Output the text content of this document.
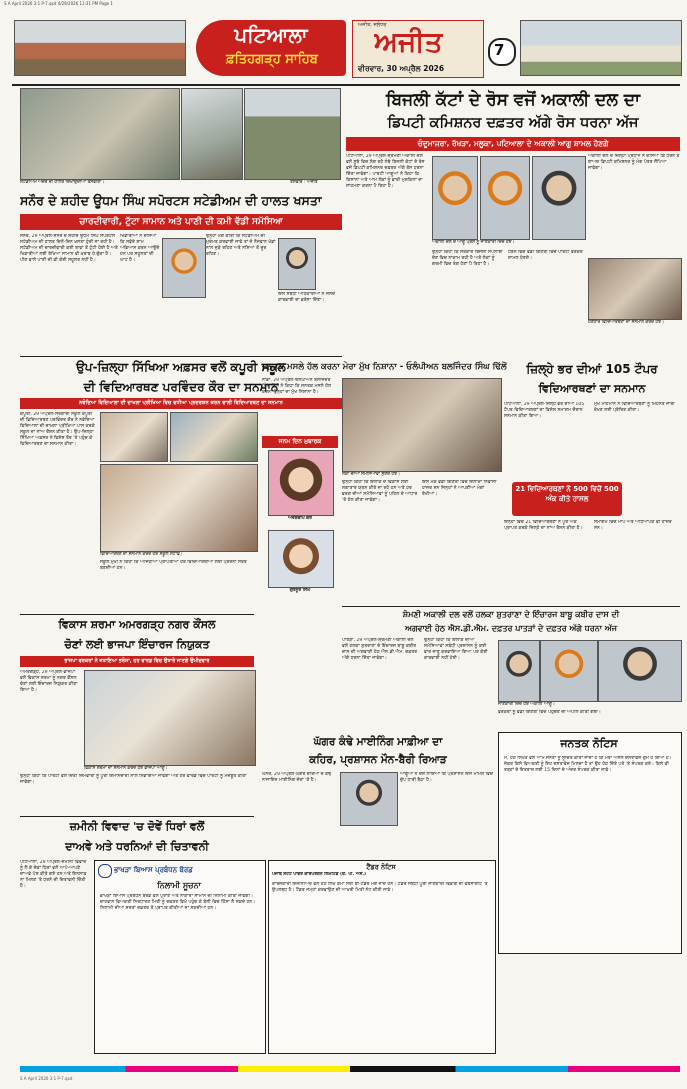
S A April 2026 3:1 P-7.qxd 4/29/2026 11:31 PM Page 1
ਪਟਿਆਲਾ
ਫ਼ਤਿਹਗੜ੍ਹ ਸਾਹਿਬ
ਅਜੀਤ, ਜਲੰਧਰ
ਅਜੀਤ
ਵੀਰਵਾਰ, 30 ਅਪ੍ਰੈਲ 2026
7
ਸਟੇਡੀਅਮ ਅੰਦਰ ਦੀ ਹਾਲਤ ਦਿਖਾਉਂਦੀਆਂ ਤਸਵੀਰਾਂ।	ਤਸਵੀਰ : ਅਜੀਤ
ਸਨੌਰ ਦੇ ਸ਼ਹੀਦ ਊਧਮ ਸਿੰਘ ਸਪੋਰਟਸ ਸਟੇਡੀਅਮ ਦੀ ਹਾਲਤ ਖਸਤਾ
ਚਾਰਦੀਵਾਰੀ, ਟੁੱਟਾ ਸਾਮਾਨ ਅਤੇ ਪਾਣੀ ਦੀ ਕਮੀ ਵੱਡੀ ਸਮੱਸਿਆ

ਸਨੌਰ, 29 ਅਪ੍ਰੈਲ-ਸਨੌਰ ਦੇ ਸ਼ਹੀਦ ਊਧਮ ਸਿੰਘ ਸਪੋਰਟਸ ਸਟੇਡੀਅਮ ਦੀ ਹਾਲਤ ਦਿਨੋਂ-ਦਿਨ ਖ਼ਸਤਾ ਹੁੰਦੀ ਜਾ ਰਹੀ ਹੈ। ਸਟੇਡੀਅਮ ਦੀ ਚਾਰਦੀਵਾਰੀ ਕਈ ਥਾਵਾਂ ਤੋਂ ਟੁੱਟੀ ਹੋਈ ਹੈ ਅਤੇ ਖਿਡਾਰੀਆਂ ਲਈ ਰੱਖਿਆ ਸਾਮਾਨ ਵੀ ਖ਼ਰਾਬ ਹੋ ਚੁੱਕਾ ਹੈ। ਪੀਣ ਵਾਲੇ ਪਾਣੀ ਦੀ ਵੀ ਕੋਈ ਸਹੂਲਤ ਨਹੀਂ ਹੈ।

ਖਿਡਾਰੀਆਂ ਨੇ ਦੱਸਿਆ ਕਿ ਸਵੇਰੇ ਸ਼ਾਮ ਅਭਿਆਸ ਕਰਨ ਆਉਂਦੇ ਹਨ ਪਰ ਸਹੂਲਤਾਂ ਦੀ ਘਾਟ ਹੈ।

ਉਨ੍ਹਾਂ ਮੰਗ ਕੀਤੀ ਕਿ ਸਟੇਡੀਅਮ ਦੀ ਮੁਰੰਮਤ ਕਰਵਾਈ ਜਾਵੇ ਤਾਂ ਜੋ ਨੌਜਵਾਨ ਖੇਡਾਂ ਨਾਲ ਜੁੜੇ ਰਹਿਣ ਅਤੇ ਨਸ਼ਿਆਂ ਤੋਂ ਦੂਰ ਰਹਿਣ।

ਇਸ ਸਬੰਧੀ ਅਧਿਕਾਰੀਆਂ ਨੇ ਜਲਦ ਕਾਰਵਾਈ ਦਾ ਭਰੋਸਾ ਦਿੱਤਾ।

ਬਿਜਲੀ ਕੱਟਾਂ ਦੇ ਰੋਸ ਵਜੋਂ ਅਕਾਲੀ ਦਲ ਦਾ
ਡਿਪਟੀ ਕਮਿਸ਼ਨਰ ਦਫ਼ਤਰ ਅੱਗੇ ਰੋਸ ਧਰਨਾ ਅੱਜ
ਚੰਦੂਮਾਜਰਾ, ਰੱਖੜਾ, ਮਲੂਕਾ, ਪਟਿਆਲਾ ਦੇ ਅਕਾਲੀ ਆਗੂ ਸ਼ਾਮਲ ਹੋਣਗੇ

ਪਟਿਆਲਾ, 29 ਅਪ੍ਰੈਲ-ਸ਼੍ਰੋਮਣੀ ਅਕਾਲੀ ਦਲ ਵਲੋਂ ਸੂਬੇ ਵਿਚ ਲੱਗ ਰਹੇ ਲੰਬੇ ਬਿਜਲੀ ਕੱਟਾਂ ਦੇ ਰੋਸ ਵਜੋਂ ਡਿਪਟੀ ਕਮਿਸ਼ਨਰ ਦਫ਼ਤਰ ਅੱਗੇ ਰੋਸ ਧਰਨਾ ਦਿੱਤਾ ਜਾਵੇਗਾ। ਪਾਰਟੀ ਆਗੂਆਂ ਨੇ ਕਿਹਾ ਕਿ ਕਿਸਾਨਾਂ ਅਤੇ ਆਮ ਲੋਕਾਂ ਨੂੰ ਭਾਰੀ ਮੁਸ਼ਕਿਲਾਂ ਦਾ ਸਾਹਮਣਾ ਕਰਨਾ ਪੈ ਰਿਹਾ ਹੈ।

ਅਕਾਲੀ ਦਲ ਦੇ ਆਗੂ ਪ੍ਰੈੱਸ ਨੂੰ ਜਾਣਕਾਰੀ ਦਿੰਦੇ ਹੋਏ।

ਉਨ੍ਹਾਂ ਕਿਹਾ ਕਿ ਸਰਕਾਰ ਬਿਜਲੀ ਸਪਲਾਈ ਦੇਣ ਵਿਚ ਨਾਕਾਮ ਰਹੀ ਹੈ ਅਤੇ ਲੋਕਾਂ ਨੂੰ ਗਰਮੀ ਵਿਚ ਤੰਗ ਹੋਣਾ ਪੈ ਰਿਹਾ ਹੈ।

ਧਰਨੇ ਵਿਚ ਵੱਡੀ ਗਿਣਤੀ ਵਿਚ ਪਾਰਟੀ ਵਰਕਰ ਸ਼ਾਮਲ ਹੋਣਗੇ।

ਅਕਾਲੀ ਦਲ ਦੇ ਜ਼ਿਲ੍ਹਾ ਪ੍ਰਧਾਨ ਨੇ ਦੱਸਿਆ ਕਿ ਧਰਨੇ ਤੋਂ ਬਾਅਦ ਡਿਪਟੀ ਕਮਿਸ਼ਨਰ ਨੂੰ ਮੰਗ ਪੱਤਰ ਸੌਂਪਿਆ ਜਾਵੇਗਾ।

ਹੋਣਹਾਰ ਵਿਦਿਆਰਥਣਾਂ ਦਾ ਸਨਮਾਨ ਕਰਦੇ ਹੋਏ।
ਉਪ-ਜ਼ਿਲ੍ਹਾ ਸਿੱਖਿਆ ਅਫ਼ਸਰ ਵਲੋਂ ਕਪੂਰੀ ਸਕੂਲ
ਦੀ ਵਿਦਿਆਰਥਣ ਪਰਵਿੰਦਰ ਕੌਰ ਦਾ ਸਨਮਾਨ
ਨਵੋਦਿਆ ਵਿਦਿਆਲਾ ਦੀ ਦਾਖ਼ਲਾ ਪ੍ਰੀਖਿਆ ਵਿਚ ਵਧੀਆ ਪ੍ਰਦਰਸ਼ਨ ਕਰਨ ਵਾਲੀ ਵਿਦਿਆਰਥਣ ਦਾ ਸਨਮਾਨ

ਕਪੂਰੀ, 29 ਅਪ੍ਰੈਲ-ਸਰਕਾਰੀ ਸਕੂਲ ਕਪੂਰੀ ਦੀ ਵਿਦਿਆਰਥਣ ਪਰਵਿੰਦਰ ਕੌਰ ਨੇ ਨਵੋਦਿਆ ਵਿਦਿਆਲਾ ਦੀ ਦਾਖ਼ਲਾ ਪ੍ਰੀਖਿਆ ਪਾਸ ਕਰਕੇ ਸਕੂਲ ਦਾ ਨਾਂਅ ਰੌਸ਼ਨ ਕੀਤਾ ਹੈ। ਉਪ-ਜ਼ਿਲ੍ਹਾ ਸਿੱਖਿਆ ਅਫ਼ਸਰ ਨੇ ਵਿਸ਼ੇਸ਼ ਤੌਰ 'ਤੇ ਪਹੁੰਚ ਕੇ ਵਿਦਿਆਰਥਣ ਦਾ ਸਨਮਾਨ ਕੀਤਾ।

ਵਿਦਿਆਰਥਣ ਦਾ ਸਨਮਾਨ ਕਰਦੇ ਹੋਏ ਸਕੂਲ ਸਟਾਫ਼।

ਸਕੂਲ ਮੁਖੀ ਨੇ ਕਿਹਾ ਕਿ ਅਜਿਹੀਆਂ ਪ੍ਰਾਪਤੀਆਂ ਹੋਰ ਵਿਦਿਆਰਥੀਆਂ ਲਈ ਪ੍ਰੇਰਨਾ ਸਰੋਤ ਬਣਦੀਆਂ ਹਨ।

ਜਨਤਕ ਮਸਲੇ ਹੱਲ ਕਰਨਾ ਮੇਰਾ ਮੁੱਖ ਨਿਸ਼ਾਨਾ - ਓਲੰਪੀਅਨ ਬਲਜਿੰਦਰ ਸਿੰਘ ਢਿੱਲੋਂ

ਨਾਭਾ, 29 ਅਪ੍ਰੈਲ-ਓਲੰਪੀਅਨ ਬਲਜਿੰਦਰ ਸਿੰਘ ਢਿੱਲੋਂ ਨੇ ਕਿਹਾ ਕਿ ਜਨਤਕ ਮਸਲੇ ਹੱਲ ਕਰਨਾ ਉਨ੍ਹਾਂ ਦਾ ਮੁੱਖ ਨਿਸ਼ਾਨਾ ਹੈ।

ਜਨਮ ਦਿਨ ਮੁਬਾਰਕ
ਅਰਸ਼ਦੀਪ ਕੌਰ
ਗੁਰਨੂਰ ਸਿੰਘ
ਲੋਕਾਂ ਦੀਆਂ ਸਮੱਸਿਆਵਾਂ ਸੁਣਦੇ ਹੋਏ।

ਉਨ੍ਹਾਂ ਕਿਹਾ ਕਿ ਇਲਾਕੇ ਦੇ ਵਿਕਾਸ ਲਈ ਲਗਾਤਾਰ ਯਤਨ ਕੀਤੇ ਜਾ ਰਹੇ ਹਨ ਅਤੇ ਹਰ ਵਰਗ ਦੀਆਂ ਸਮੱਸਿਆਵਾਂ ਨੂੰ ਪਹਿਲ ਦੇ ਆਧਾਰ 'ਤੇ ਹੱਲ ਕੀਤਾ ਜਾਵੇਗਾ।

ਇਸ ਮੌਕੇ ਵੱਡੀ ਗਿਣਤੀ ਵਿਚ ਇਲਾਕਾ ਨਿਵਾਸੀ ਹਾਜ਼ਰ ਸਨ ਜਿਨ੍ਹਾਂ ਨੇ ਆਪਣੀਆਂ ਮੰਗਾਂ ਰੱਖੀਆਂ।

ਜ਼ਿਲ੍ਹੇ ਭਰ ਦੀਆਂ 105 ਟੌਪਰ
ਵਿਦਿਆਰਥਣਾਂ ਦਾ ਸਨਮਾਨ

ਪਟਿਆਲਾ, 29 ਅਪ੍ਰੈਲ-ਜ਼ਿਲ੍ਹੇ ਭਰ ਦੀਆਂ 105 ਟੌਪਰ ਵਿਦਿਆਰਥਣਾਂ ਦਾ ਵਿਸ਼ੇਸ਼ ਸਮਾਗਮ ਦੌਰਾਨ ਸਨਮਾਨ ਕੀਤਾ ਗਿਆ।

ਮੁੱਖ ਮਹਿਮਾਨ ਨੇ ਵਿਦਿਆਰਥਣਾਂ ਨੂੰ ਮਿਹਨਤ ਜਾਰੀ ਰੱਖਣ ਲਈ ਪ੍ਰੇਰਿਤ ਕੀਤਾ।

21 ਵਿਦਿਆਰਥਣਾਂ ਨੇ 500 ਵਿਚੋਂ 500 ਅੰਕ ਕੀਤੇ ਹਾਸਲ

ਇਨ੍ਹਾਂ ਵਿਚੋਂ 21 ਵਿਦਿਆਰਥਣਾਂ ਨੇ ਪੂਰੇ ਅੰਕ ਪ੍ਰਾਪਤ ਕਰਕੇ ਜ਼ਿਲ੍ਹੇ ਦਾ ਨਾਂਅ ਰੌਸ਼ਨ ਕੀਤਾ ਹੈ।

ਸਮਾਗਮ ਵਿਚ ਮਾਪੇ ਅਤੇ ਅਧਿਆਪਕ ਵੀ ਹਾਜ਼ਰ ਸਨ।

ਵਿਕਾਸ ਸ਼ਰਮਾ ਅਮਰਗੜ੍ਹ ਨਗਰ ਕੌਂਸਲ
ਚੋਣਾਂ ਲਈ ਭਾਜਪਾ ਇੰਚਾਰਜ ਨਿਯੁਕਤ
ਭਾਜਪਾ ਵਰਕਰਾਂ ਨੇ ਜਤਾਇਆ ਭਰੋਸਾ, ਹਰ ਵਾਰਡ ਵਿਚ ਉਤਾਰੇ ਜਾਣਗੇ ਉਮੀਦਵਾਰ

ਅਮਰਗੜ੍ਹ, 29 ਅਪ੍ਰੈਲ-ਭਾਜਪਾ ਵਲੋਂ ਵਿਕਾਸ ਸ਼ਰਮਾ ਨੂੰ ਨਗਰ ਕੌਂਸਲ ਚੋਣਾਂ ਲਈ ਇੰਚਾਰਜ ਨਿਯੁਕਤ ਕੀਤਾ ਗਿਆ ਹੈ।

ਵਿਕਾਸ ਸ਼ਰਮਾ ਦਾ ਸਨਮਾਨ ਕਰਦੇ ਹੋਏ ਭਾਜਪਾ ਆਗੂ।

ਉਨ੍ਹਾਂ ਕਿਹਾ ਕਿ ਪਾਰਟੀ ਵਲੋਂ ਦਿੱਤੀ ਜ਼ਿੰਮੇਵਾਰੀ ਨੂੰ ਪੂਰੀ ਇਮਾਨਦਾਰੀ ਨਾਲ ਨਿਭਾਇਆ ਜਾਵੇਗਾ ਅਤੇ ਹਰ ਵਾਰਡ ਵਿਚ ਪਾਰਟੀ ਨੂੰ ਮਜ਼ਬੂਤ ਕੀਤਾ ਜਾਵੇਗਾ।

ਸ਼ੋਮਣੀ ਅਕਾਲੀ ਦਲ ਵਲੋਂ ਹਲਕਾ ਸ਼ੁਤਰਾਣਾ ਦੇ ਇੰਚਾਰਜ ਬਾਬੂ ਕਬੀਰ ਦਾਸ ਦੀ
ਅਗਵਾਈ ਹੇਠ ਐਸ.ਡੀ.ਐਮ. ਦਫ਼ਤਰ ਪਾਤੜਾਂ ਦੇ ਦਫ਼ਤਰ ਅੱਗੇ ਧਰਨਾ ਅੱਜ

ਪਾਤੜਾਂ, 29 ਅਪ੍ਰੈਲ-ਸ਼੍ਰੋਮਣੀ ਅਕਾਲੀ ਦਲ ਵਲੋਂ ਹਲਕਾ ਸ਼ੁਤਰਾਣਾ ਦੇ ਇੰਚਾਰਜ ਬਾਬੂ ਕਬੀਰ ਦਾਸ ਦੀ ਅਗਵਾਈ ਹੇਠ ਐਸ.ਡੀ.ਐਮ. ਦਫ਼ਤਰ ਅੱਗੇ ਧਰਨਾ ਦਿੱਤਾ ਜਾਵੇਗਾ।

ਉਨ੍ਹਾਂ ਕਿਹਾ ਕਿ ਇਲਾਕੇ ਦੀਆਂ ਸਮੱਸਿਆਵਾਂ ਸਬੰਧੀ ਪ੍ਰਸ਼ਾਸਨ ਨੂੰ ਕਈ ਵਾਰ ਜਾਣੂ ਕਰਵਾਇਆ ਗਿਆ ਪਰ ਕੋਈ ਕਾਰਵਾਈ ਨਹੀਂ ਹੋਈ।

ਜਾਣਕਾਰੀ ਦਿੰਦੇ ਹੋਏ ਅਕਾਲੀ ਆਗੂ।

ਵਰਕਰਾਂ ਨੂੰ ਵੱਡੀ ਗਿਣਤੀ ਵਿਚ ਪਹੁੰਚਣ ਦੀ ਅਪੀਲ ਕੀਤੀ ਗਈ।

ਜਨਤਕ ਨੋਟਿਸ

ਮੈਂ, ਹੇਠ ਲਿਖਤ ਵਲੋਂ ਆਮ ਜਨਤਾ ਨੂੰ ਸੂਚਿਤ ਕੀਤਾ ਜਾਂਦਾ ਹੈ ਕਿ ਮੇਰਾ ਅਸਲ ਦਸਤਾਵੇਜ਼ ਗੁੰਮ ਹੋ ਗਿਆ ਹੈ। ਜੇਕਰ ਕਿਸੇ ਵਿਅਕਤੀ ਨੂੰ ਇਹ ਦਸਤਾਵੇਜ਼ ਮਿਲਦਾ ਹੈ ਤਾਂ ਉਹ ਹੇਠ ਦਿੱਤੇ ਪਤੇ 'ਤੇ ਸੰਪਰਕ ਕਰੇ। ਕਿਸੇ ਵੀ ਤਰ੍ਹਾਂ ਦੇ ਇਤਰਾਜ਼ ਲਈ 15 ਦਿਨਾਂ ਦੇ ਅੰਦਰ ਸੰਪਰਕ ਕੀਤਾ ਜਾਵੇ।

ਘੱਗਰ ਕੰਢੇ ਮਾਈਨਿੰਗ ਮਾਫ਼ੀਆ ਦਾ
ਕਹਿਰ, ਪ੍ਰਸ਼ਾਸਨ ਮੌਨ-ਬੈਰੀ ਰਿਆੜ

ਘਨੌਰ, 29 ਅਪ੍ਰੈਲ-ਘੱਗਰ ਦਰਿਆ ਦੇ ਕੰਢੇ ਨਾਜਾਇਜ਼ ਮਾਈਨਿੰਗ ਜ਼ੋਰਾਂ 'ਤੇ ਹੈ।

ਆਗੂਆਂ ਨੇ ਦੋਸ਼ ਲਾਇਆ ਕਿ ਪ੍ਰਸ਼ਾਸਨ ਇਸ ਮਾਮਲੇ ਵਿਚ ਚੁੱਪ ਧਾਰੀ ਬੈਠਾ ਹੈ।

ਜ਼ਮੀਨੀ ਵਿਵਾਦ 'ਚ ਦੋਵੇਂ ਧਿਰਾਂ ਵਲੋਂ
ਦਾਅਵੇ ਅਤੇ ਧਰਨਿਆਂ ਦੀ ਚਿਤਾਵਨੀ

ਪਟਿਆਲਾ, 29 ਅਪ੍ਰੈਲ-ਜ਼ਮੀਨੀ ਵਿਵਾਦ ਨੂੰ ਲੈ ਕੇ ਦੋਵਾਂ ਧਿਰਾਂ ਵਲੋਂ ਆਪੋ-ਆਪਣੇ ਦਾਅਵੇ ਪੇਸ਼ ਕੀਤੇ ਗਏ ਹਨ ਅਤੇ ਇਨਸਾਫ਼ ਨਾ ਮਿਲਣ 'ਤੇ ਧਰਨੇ ਦੀ ਚਿਤਾਵਨੀ ਦਿੱਤੀ ਹੈ।

ਭਾਖੜਾ ਬਿਆਸ ਪ੍ਰਬੰਧਨ ਬੋਰਡ
ਨਿਲਾਮੀ ਸੂਚਨਾ

ਭਾਖੜਾ ਬਿਆਸ ਪ੍ਰਬੰਧਨ ਬੋਰਡ ਵਲੋਂ ਪੁਰਾਣੇ ਅਤੇ ਨਾਕਾਰਾ ਸਾਮਾਨ ਦੀ ਨਿਲਾਮੀ ਕੀਤੀ ਜਾਵੇਗੀ। ਚਾਹਵਾਨ ਵਿਅਕਤੀ ਨਿਰਧਾਰਤ ਮਿਤੀ ਨੂੰ ਦਫ਼ਤਰ ਵਿਖੇ ਪਹੁੰਚ ਕੇ ਬੋਲੀ ਵਿਚ ਹਿੱਸਾ ਲੈ ਸਕਦੇ ਹਨ। ਨਿਲਾਮੀ ਦੀਆਂ ਸ਼ਰਤਾਂ ਦਫ਼ਤਰ ਤੋਂ ਪ੍ਰਾਪਤ ਕੀਤੀਆਂ ਜਾ ਸਕਦੀਆਂ ਹਨ।

ਟੈਂਡਰ ਨੋਟਿਸ
ਪੰਜਾਬ ਸਟੇਟ ਪਾਵਰ ਕਾਰਪੋਰੇਸ਼ਨ ਲਿਮਟਿਡ (ਓ. ਪੀ. ਐਸ.)

ਕਾਰਜਕਾਰੀ ਇੰਜੀਨੀਅਰ ਵਲੋਂ ਹੇਠ ਲਿਖੇ ਕੰਮਾਂ ਲਈ ਈ-ਟੈਂਡਰ ਮੰਗੇ ਜਾਂਦੇ ਹਨ। ਟੈਂਡਰ ਸਬੰਧੀ ਪੂਰੀ ਜਾਣਕਾਰੀ ਵਿਭਾਗ ਦੀ ਵੈੱਬਸਾਈਟ 'ਤੇ ਉਪਲਬਧ ਹੈ। ਟੈਂਡਰ ਜਮ੍ਹਾਂ ਕਰਵਾਉਣ ਦੀ ਆਖ਼ਰੀ ਮਿਤੀ ਨੋਟ ਕੀਤੀ ਜਾਵੇ।

S A April 2026 3:1 P-7.qxd
